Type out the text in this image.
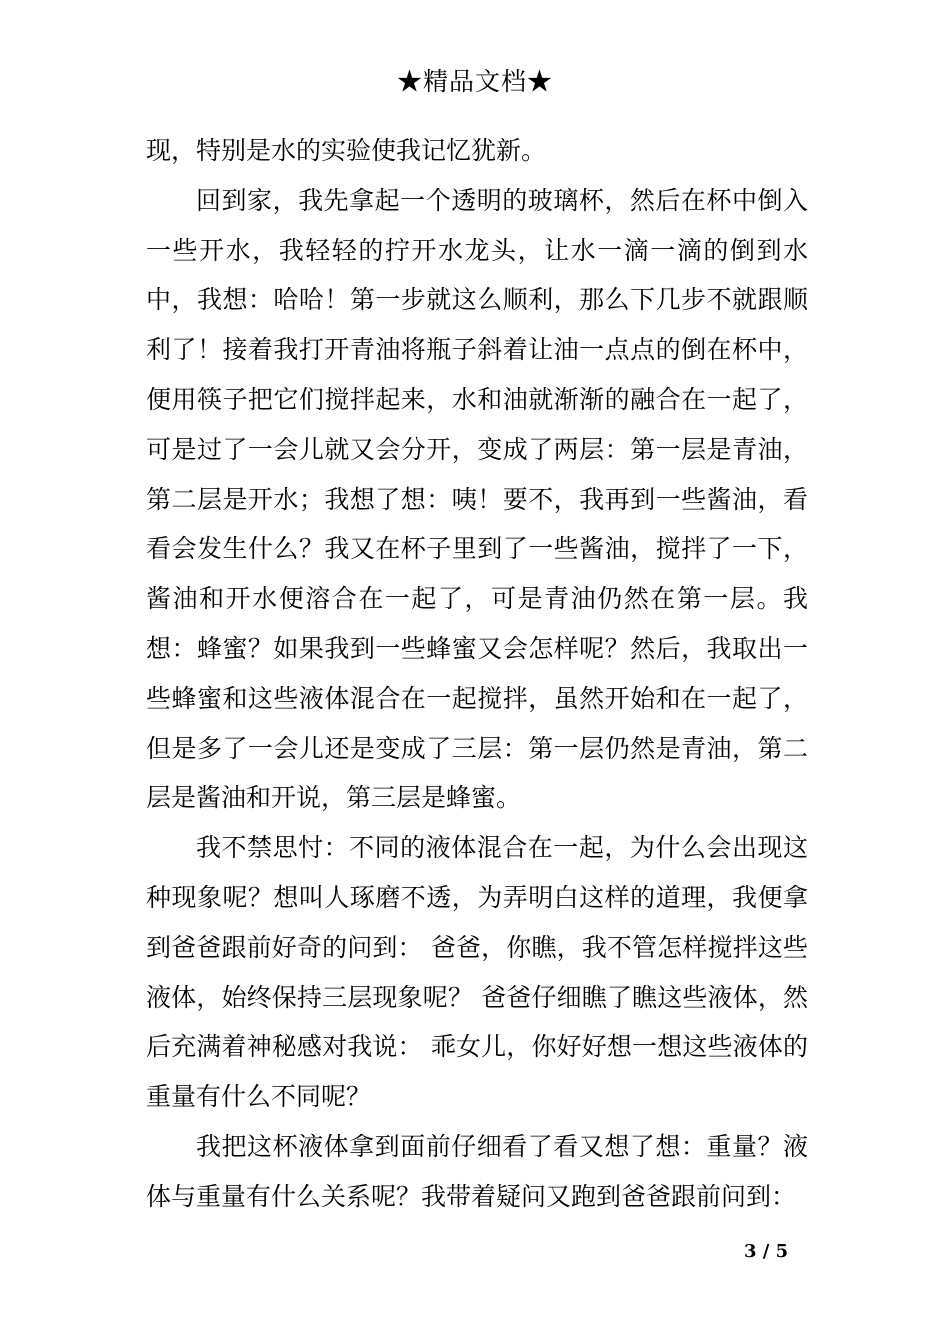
★精品文档★

现，特别是水的实验使我记忆犹新。

回到家，我先拿起一个透明的玻璃杯，然后在杯中倒入一些开水，我轻轻的拧开水龙头，让水一滴一滴的倒到水中，我想：哈哈！第一步就这么顺利，那么下几步不就跟顺利了！接着我打开青油将瓶子斜着让油一点点的倒在杯中，便用筷子把它们搅拌起来，水和油就渐渐的融合在一起了，可是过了一会儿就又会分开，变成了两层：第一层是青油，第二层是开水；我想了想：咦！要不，我再到一些酱油，看看会发生什么？我又在杯子里到了一些酱油，搅拌了一下，酱油和开水便溶合在一起了，可是青油仍然在第一层。我想：蜂蜜？如果我到一些蜂蜜又会怎样呢？然后，我取出一些蜂蜜和这些液体混合在一起搅拌，虽然开始和在一起了，但是多了一会儿还是变成了三层：第一层仍然是青油，第二层是酱油和开说，第三层是蜂蜜。

我不禁思忖：不同的液体混合在一起，为什么会出现这种现象呢？想叫人琢磨不透，为弄明白这样的道理，我便拿到爸爸跟前好奇的问到： 爸爸，你瞧，我不管怎样搅拌这些液体，始终保持三层现象呢？ 爸爸仔细瞧了瞧这些液体，然后充满着神秘感对我说： 乖女儿，你好好想一想这些液体的重量有什么不同呢？

我把这杯液体拿到面前仔细看了看又想了想：重量？液体与重量有什么关系呢？我带着疑问又跑到爸爸跟前问到：

3 / 5
